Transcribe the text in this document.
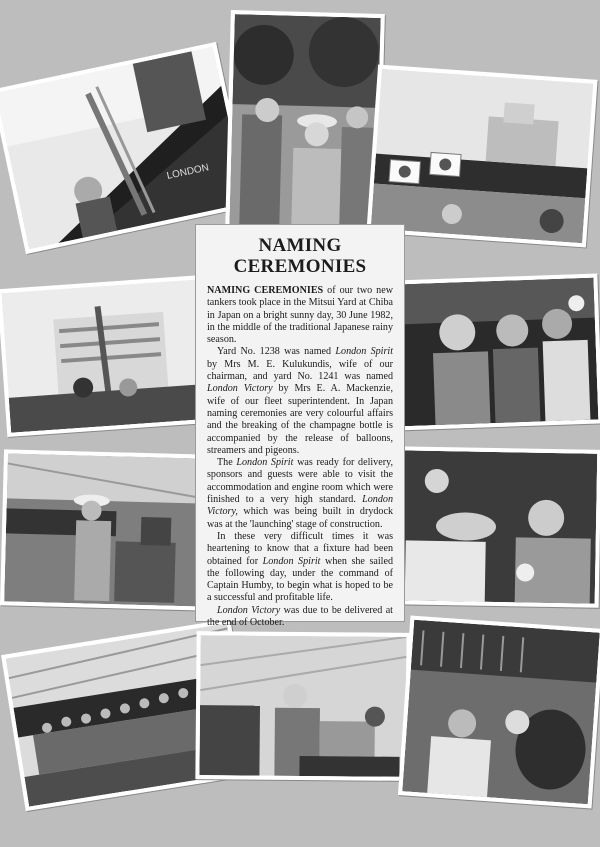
LONDON
NAMING
CEREMONIES

NAMING CEREMONIES of our two new tankers took place in the Mitsui Yard at Chiba in Japan on a bright sunny day, 30 June 1982, in the middle of the traditional Japanese rainy season.

Yard No. 1238 was named London Spirit by Mrs M. E. Kulukundis, wife of our chairman, and yard No. 1241 was named London Victory by Mrs E. A. Mackenzie, wife of our fleet superintendent. In Japan naming ceremonies are very colourful affairs and the breaking of the champagne bottle is accompanied by the release of balloons, streamers and pigeons.

The London Spirit was ready for delivery, sponsors and guests were able to visit the accommodation and engine room which were finished to a very high standard. London Victory, which was being built in drydock was at the 'launching' stage of construction.

In these very difficult times it was heartening to know that a fixture had been obtained for London Spirit when she sailed the following day, under the command of Captain Humby, to begin what is hoped to be a successful and profitable life.

London Victory was due to be delivered at the end of October.
